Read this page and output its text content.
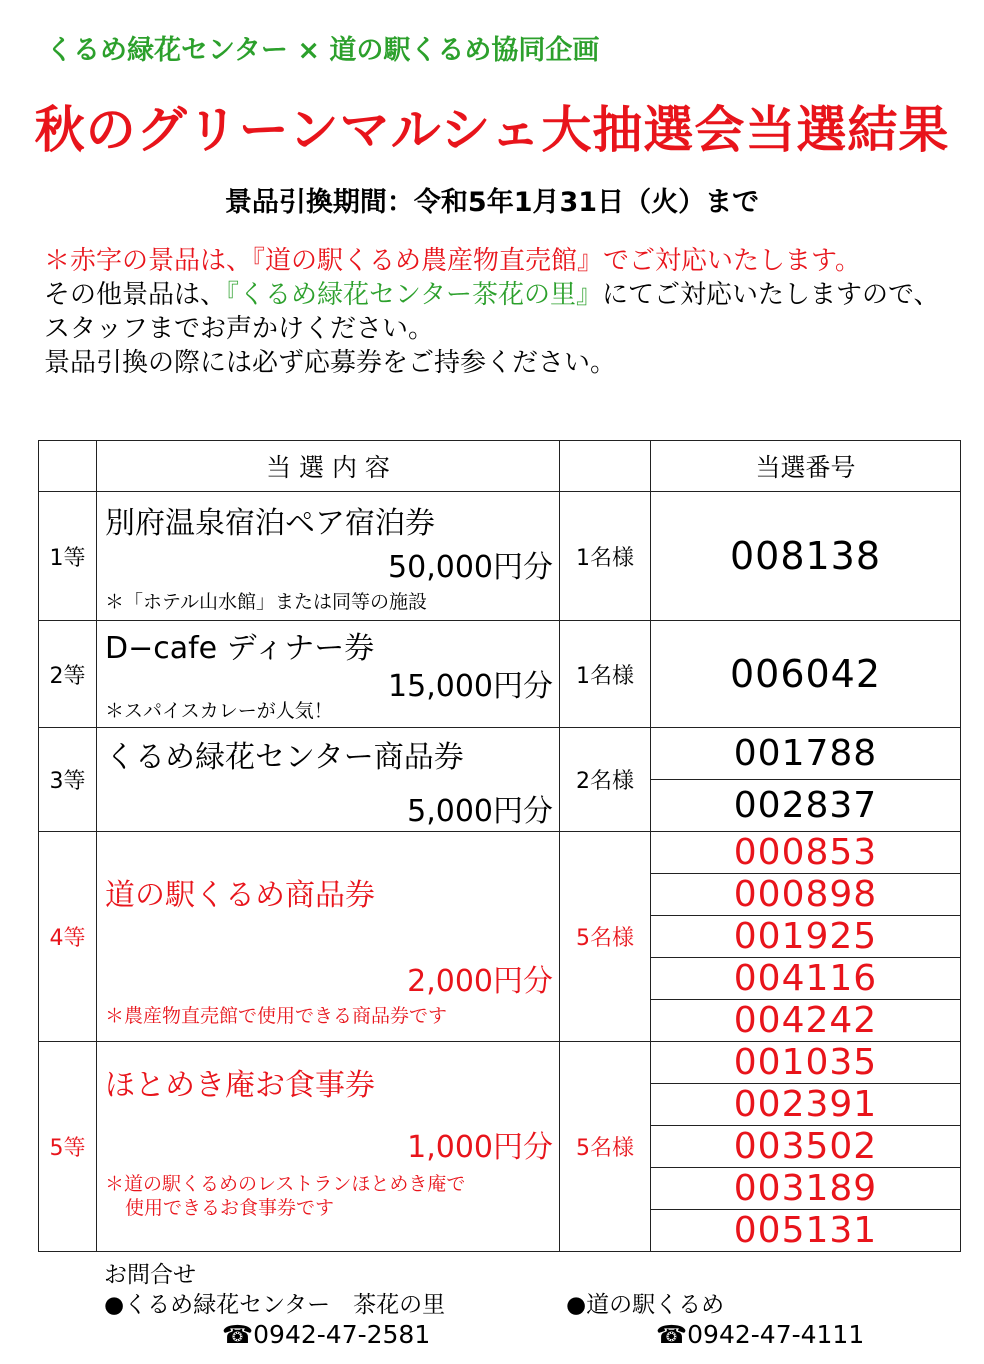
くるめ緑花センター × 道の駅くるめ協同企画
秋のグリーンマルシェ大抽選会当選結果
景品引換期間：令和5年1月31日（火）まで
＊赤字の景品は、『道の駅くるめ農産物直売館』でご対応いたします。
その他景品は、『くるめ緑花センター茶花の里』にてご対応いたしますので、
スタッフまでお声かけください。
景品引換の際には必ず応募券をご持参ください。
	当 選 内 容		当選番号
1等	別府温泉宿泊ペア宿泊券
50,000円分
＊「ホテル山水館」または同等の施設	1名様	008138
2等	D−cafe ディナー券
15,000円分
＊スパイスカレーが人気！	1名様	006042
3等	くるめ緑花センター商品券
5,000円分	2名様	001788
			002837
4等	道の駅くるめ商品券
2,000円分
＊農産物直売館で使用できる商品券です	5名様	000853
			000898
			001925
			004116
			004242
5等	ほとめき庵お食事券
1,000円分
＊道の駅くるめのレストランほとめき庵で
使用できるお食事券です	5名様	001035
			002391
			003502
			003189
			005131
お問合せ
●くるめ緑花センター　茶花の里
☎0942-47-2581
●道の駅くるめ
☎0942-47-4111
